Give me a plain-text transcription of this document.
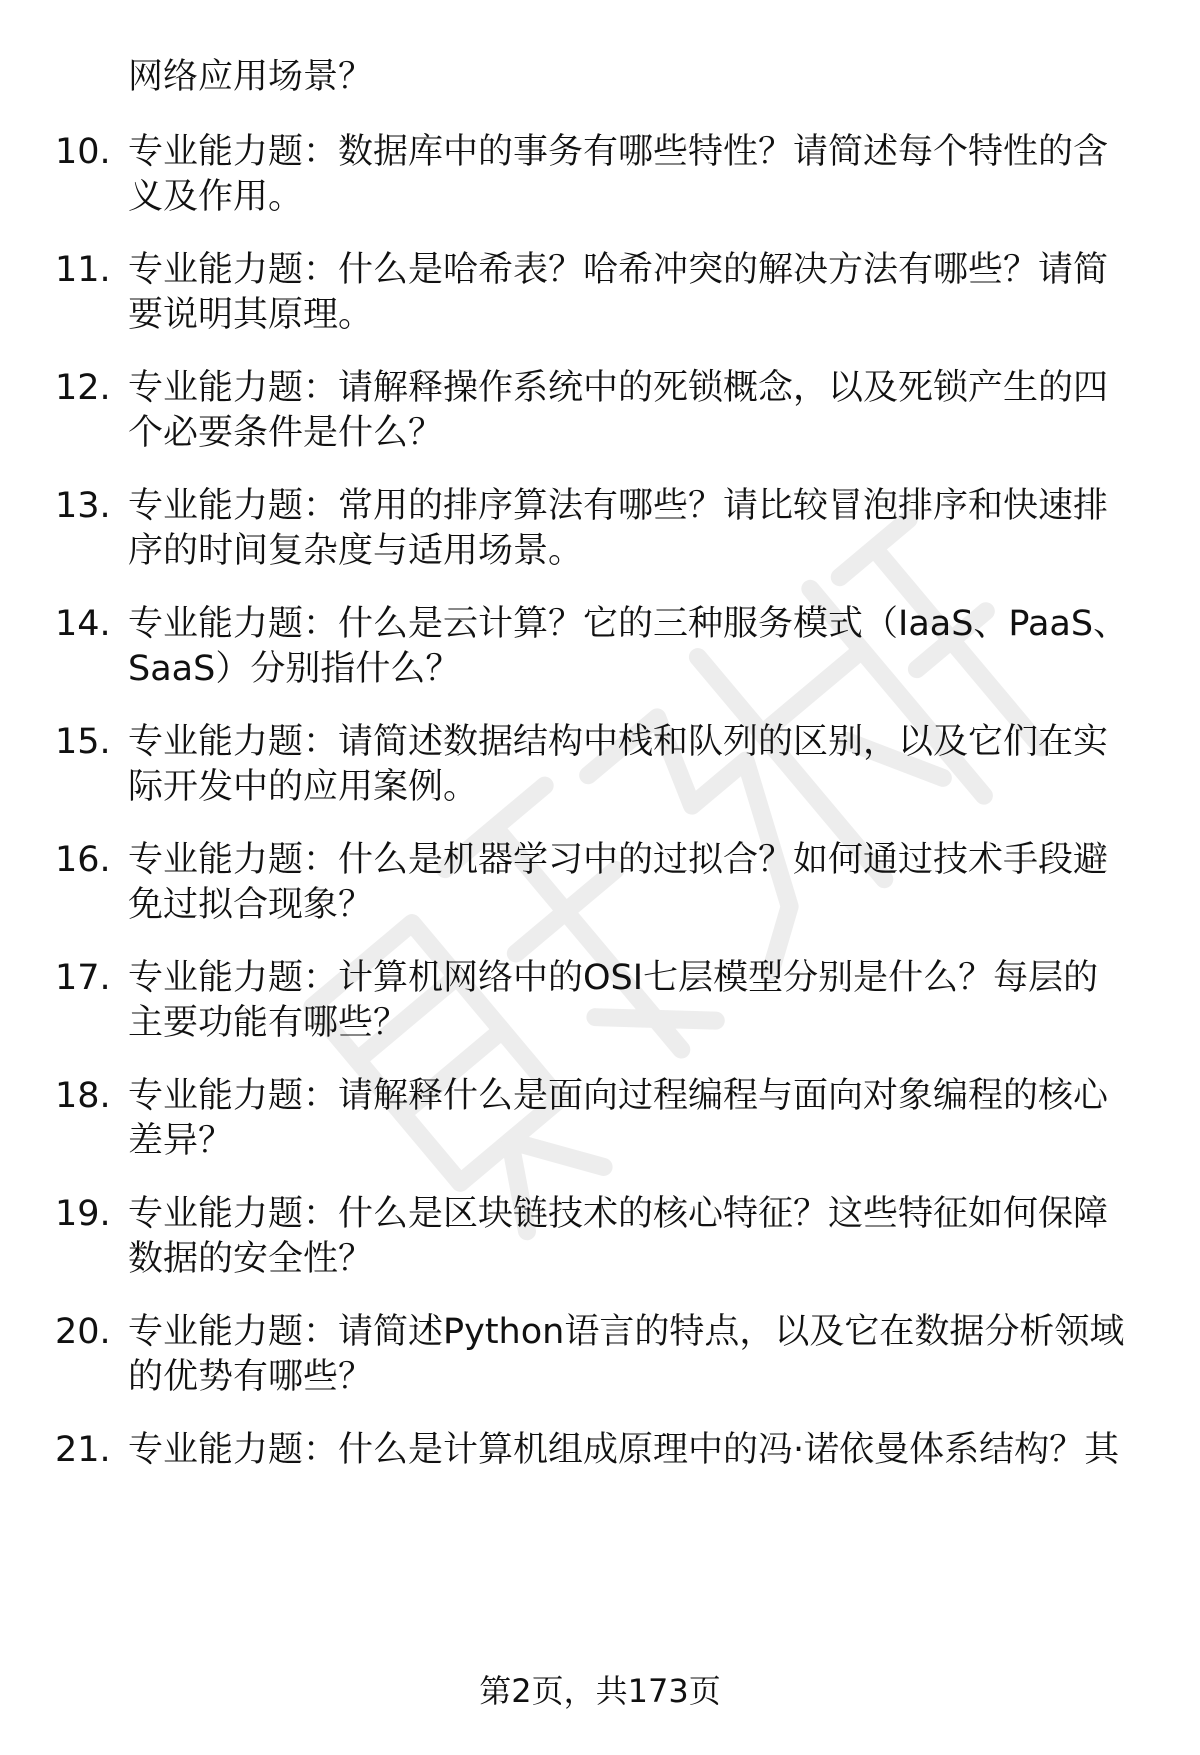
网络应用场景？
10. 专业能力题：数据库中的事务有哪些特性？请简述每个特性的含
义及作用。
11. 专业能力题：什么是哈希表？哈希冲突的解决方法有哪些？请简
要说明其原理。
12. 专业能力题：请解释操作系统中的死锁概念，以及死锁产生的四
个必要条件是什么？
13. 专业能力题：常用的排序算法有哪些？请比较冒泡排序和快速排
序的时间复杂度与适用场景。
14. 专业能力题：什么是云计算？它的三种服务模式（IaaS、PaaS、
SaaS）分别指什么？
15. 专业能力题：请简述数据结构中栈和队列的区别，以及它们在实
际开发中的应用案例。
16. 专业能力题：什么是机器学习中的过拟合？如何通过技术手段避
免过拟合现象？
17. 专业能力题：计算机网络中的OSI七层模型分别是什么？每层的
主要功能有哪些？
18. 专业能力题：请解释什么是面向过程编程与面向对象编程的核心
差异？
19. 专业能力题：什么是区块链技术的核心特征？这些特征如何保障
数据的安全性？
20. 专业能力题：请简述Python语言的特点，以及它在数据分析领域
的优势有哪些？
21. 专业能力题：什么是计算机组成原理中的冯·诺依曼体系结构？其
第2页，共173页
